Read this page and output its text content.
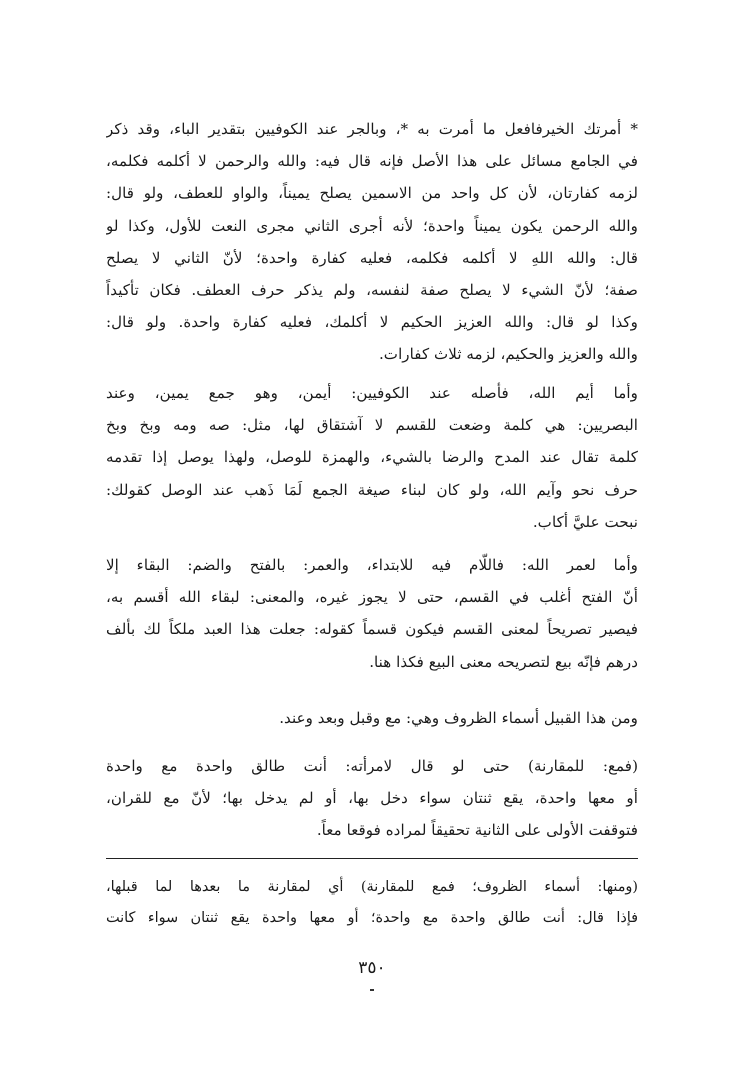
* أمرتك الخيرفافعل ما أمرت به *، وبالجر عند الكوفيين بتقدير الباء، وقد ذكر
في الجامع مسائل على هذا الأصل فإنه قال فيه: والله والرحمن لا أكلمه فكلمه،
لزمه كفارتان، لأن كل واحد من الاسمين يصلح يميناً، والواو للعطف، ولو قال:
والله الرحمن يكون يميناً واحدة؛ لأنه أجرى الثاني مجرى النعت للأول، وكذا لو
قال: والله اللهِ لا أكلمه فكلمه، فعليه كفارة واحدة؛ لأنّ الثاني لا يصلح
صفة؛ لأنّ الشيء لا يصلح صفة لنفسه، ولم يذكر حرف العطف. فكان تأكيداً
وكذا لو قال: والله العزيز الحكيم لا أكلمك، فعليه كفارة واحدة. ولو قال:
والله والعزيز والحكيم، لزمه ثلاث كفارات.

وأما أيم الله، فأصله عند الكوفيين: أيمن، وهو جمع يمين، وعند
البصريين: هي كلمة وضعت للقسم لا آشتقاق لها، مثل: صه ومه وبخ وبخ
كلمة تقال عند المدح والرضا بالشيء، والهمزة للوصل، ولهذا يوصل إذا تقدمه
حرف نحو وآيم الله، ولو كان لبناء صيغة الجمع لَمَا ذَهب عند الوصل كقولك:
نبحت عليَّ أكاب.

وأما لعمر الله: فاللّام فيه للابتداء، والعمر: بالفتح والضم: البقاء إلا
أنّ الفتح أغلب في القسم، حتى لا يجوز غيره، والمعنى: لبقاء الله أقسم به،
فيصير تصريحاً لمعنى القسم فيكون قسماً كقوله: جعلت هذا العبد ملكاً لك بألف
درهم فإنّه بيع لتصريحه معنى البيع فكذا هنا.

ومن هذا القبيل أسماء الظروف وهي: مع وقبل وبعد وعند.

(فمع: للمقارنة) حتى لو قال لامرأته: أنت طالق واحدة مع واحدة
أو معها واحدة، يقع ثنتان سواء دخل بها، أو لم يدخل بها؛ لأنّ مع للقران،
فتوقفت الأولى على الثانية تحقيقاً لمراده فوقعا معاً.

(ومنها: أسماء الظروف؛ فمع للمقارنة) أي لمقارنة ما بعدها لما قبلها،
فإذا قال: أنت طالق واحدة مع واحدة؛ أو معها واحدة يقع ثنتان سواء كانت

٣٥٠
